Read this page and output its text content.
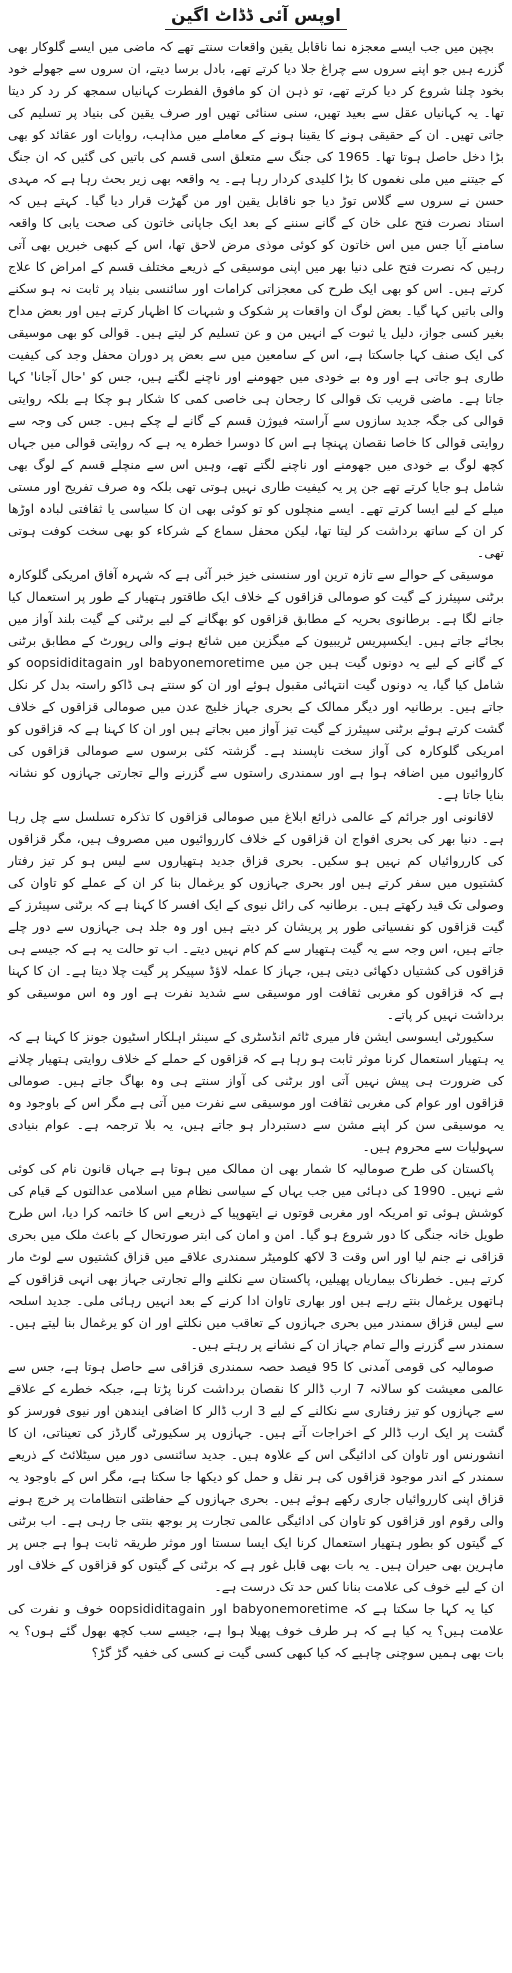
اوپس آئی ڈڈاٹ اگین

بچپن میں جب ایسے معجزہ نما ناقابل یقین واقعات سنتے تھے کہ ماضی میں ایسے گلوکار بھی گزرے ہیں جو اپنے سروں سے چراغ جلا دیا کرتے تھے، بادل برسا دیتے، ان سروں سے جھولے خود بخود چلنا شروع کر دیا کرتے تھے، تو ذہن ان کو مافوق الفطرت کہانیاں سمجھ کر رد کر دیتا تھا۔ یہ کہانیاں عقل سے بعید تھیں، سنی سنائی تھیں اور صرف یقین کی بنیاد پر تسلیم کی جاتی تھیں۔ ان کے حقیقی ہونے کا یقینا ہونے کے معاملے میں مذاہب، روایات اور عقائد کو بھی بڑا دخل حاصل ہوتا تھا۔ 1965 کی جنگ سے متعلق اسی قسم کی باتیں کی گئیں کہ ان جنگ کے جیتنے میں ملی نغموں کا بڑا کلیدی کردار رہا ہے۔ یہ واقعہ بھی زیر بحث رہا ہے کہ مہدی حسن نے سروں سے گلاس توڑ دیا جو ناقابل یقین اور من گھڑت قرار دیا گیا۔ کہتے ہیں کہ استاد نصرت فتح علی خان کے گانے سننے کے بعد ایک جاپانی خاتون کی صحت یابی کا واقعہ سامنے آیا جس میں اس خاتون کو کوئی موذی مرض لاحق تھا، اس کے کبھی خبریں بھی آتی رہیں کہ نصرت فتح علی دنیا بھر میں اپنی موسیقی کے ذریعے مختلف قسم کے امراض کا علاج کرتے ہیں۔ اس کو بھی ایک طرح کی معجزاتی کرامات اور سائنسی بنیاد پر ثابت نہ ہو سکنے والی باتیں کہا گیا۔ بعض لوگ ان واقعات پر شکوک و شبہات کا اظہار کرتے ہیں اور بعض مداح بغیر کسی جواز، دلیل یا ثبوت کے انہیں من و عن تسلیم کر لیتے ہیں۔ قوالی کو بھی موسیقی کی ایک صنف کہا جاسکتا ہے، اس کے سامعین میں سے بعض پر دوران محفل وجد کی کیفیت طاری ہو جاتی ہے اور وہ بے خودی میں جھومنے اور ناچنے لگتے ہیں، جس کو 'حال آجانا' کہا جاتا ہے۔ ماضی قریب تک قوالی کا رجحان ہی خاصی کمی کا شکار ہو چکا ہے بلکہ روایتی قوالی کی جگہ جدید سازوں سے آراستہ فیوژن قسم کے گانے لے چکے ہیں۔ جس کی وجہ سے روایتی قوالی کا خاصا نقصان پہنچا ہے اس کا دوسرا خطرہ یہ ہے کہ روایتی قوالی میں جہاں کچھ لوگ بے خودی میں جھومنے اور ناچنے لگتے تھے، وہیں اس سے منچلے قسم کے لوگ بھی شامل ہو جایا کرتے تھے جن پر یہ کیفیت طاری نہیں ہوتی تھی بلکہ وہ صرف تفریح اور مستی میلے کے لیے ایسا کرتے تھے۔ ایسے منچلوں کو تو کوئی بھی ان کا سیاسی یا ثقافتی لبادہ اوڑھا کر ان کے ساتھ برداشت کر لیتا تھا، لیکن محفل سماع کے شرکاء کو بھی سخت کوفت ہوتی تھی۔

موسیقی کے حوالے سے تازہ ترین اور سنسنی خیز خبر آئی ہے کہ شہرہ آفاق امریکی گلوکارہ برٹنی سپیئرز کے گیت کو صومالی قزاقوں کے خلاف ایک طاقتور ہتھیار کے طور پر استعمال کیا جانے لگا ہے۔ برطانوی بحریہ کے مطابق قزاقوں کو بھگانے کے لیے برٹنی کے گیت بلند آواز میں بجائے جاتے ہیں۔ ایکسپریس ٹریبیون کے میگزین میں شائع ہونے والی رپورٹ کے مطابق برٹنی کے گانے کے لیے یہ دونوں گیت ہیں جن میں babyonemoretime اور oopsididitagain کو شامل کیا گیا، یہ دونوں گیت انتہائی مقبول ہوئے اور ان کو سنتے ہی ڈاکو راستہ بدل کر نکل جاتے ہیں۔ برطانیہ اور دیگر ممالک کے بحری جہاز خلیج عدن میں صومالی قزاقوں کے خلاف گشت کرتے ہوئے برٹنی سپیئرز کے گیت تیز آواز میں بجاتے ہیں اور ان کا کہنا ہے کہ قزاقوں کو امریکی گلوکارہ کی آواز سخت ناپسند ہے۔ گزشتہ کئی برسوں سے صومالی قزاقوں کی کاروائیوں میں اضافہ ہوا ہے اور سمندری راستوں سے گزرنے والے تجارتی جہازوں کو نشانہ بنایا جاتا ہے۔

لاقانونی اور جرائم کے عالمی ذرائع ابلاغ میں صومالی قزاقوں کا تذکرہ تسلسل سے چل رہا ہے۔ دنیا بھر کی بحری افواج ان قزاقوں کے خلاف کارروائیوں میں مصروف ہیں، مگر قزاقوں کی کارروائیاں کم نہیں ہو سکیں۔ بحری قزاق جدید ہتھیاروں سے لیس ہو کر تیز رفتار کشتیوں میں سفر کرتے ہیں اور بحری جہازوں کو یرغمال بنا کر ان کے عملے کو تاوان کی وصولی تک قید رکھتے ہیں۔ برطانیہ کی رائل نیوی کے ایک افسر کا کہنا ہے کہ برٹنی سپیئرز کے گیت قزاقوں کو نفسیاتی طور پر پریشان کر دیتے ہیں اور وہ جلد ہی جہازوں سے دور چلے جاتے ہیں، اس وجہ سے یہ گیت ہتھیار سے کم کام نہیں دیتے۔ اب تو حالت یہ ہے کہ جیسے ہی قزاقوں کی کشتیاں دکھائی دیتی ہیں، جہاز کا عملہ لاؤڈ سپیکر پر گیت چلا دیتا ہے۔ ان کا کہنا ہے کہ قزاقوں کو مغربی ثقافت اور موسیقی سے شدید نفرت ہے اور وہ اس موسیقی کو برداشت نہیں کر پاتے۔

سکیورٹی ایسوسی ایشن فار میری ٹائم انڈسٹری کے سینئر اہلکار اسٹیون جونز کا کہنا ہے کہ یہ ہتھیار استعمال کرنا موثر ثابت ہو رہا ہے کہ قزاقوں کے حملے کے خلاف روایتی ہتھیار چلانے کی ضرورت ہی پیش نہیں آتی اور برٹنی کی آواز سنتے ہی وہ بھاگ جاتے ہیں۔ صومالی قزاقوں اور عوام کی مغربی ثقافت اور موسیقی سے نفرت میں آتی ہے مگر اس کے باوجود وہ یہ موسیقی سن کر اپنے مشن سے دستبردار ہو جاتے ہیں، یہ بلا ترجمہ ہے۔ عوام بنیادی سہولیات سے محروم ہیں۔

پاکستان کی طرح صومالیہ کا شمار بھی ان ممالک میں ہوتا ہے جہاں قانون نام کی کوئی شے نہیں۔ 1990 کی دہائی میں جب یہاں کے سیاسی نظام میں اسلامی عدالتوں کے قیام کی کوشش ہوئی تو امریکہ اور مغربی قوتوں نے ایتھوپیا کے ذریعے اس کا خاتمہ کرا دیا، اس طرح طویل خانہ جنگی کا دور شروع ہو گیا۔ امن و امان کی ابتر صورتحال کے باعث ملک میں بحری قزاقی نے جنم لیا اور اس وقت 3 لاکھ کلومیٹر سمندری علاقے میں قزاق کشتیوں سے لوٹ مار کرتے ہیں۔ خطرناک بیماریاں پھیلیں، پاکستان سے نکلنے والے تجارتی جہاز بھی انہی قزاقوں کے ہاتھوں یرغمال بنتے رہے ہیں اور بھاری تاوان ادا کرنے کے بعد انہیں رہائی ملی۔ جدید اسلحہ سے لیس قزاق سمندر میں بحری جہازوں کے تعاقب میں نکلتے اور ان کو یرغمال بنا لیتے ہیں۔ سمندر سے گزرنے والے تمام جہاز ان کے نشانے پر رہتے ہیں۔

صومالیہ کی قومی آمدنی کا 95 فیصد حصہ سمندری قزاقی سے حاصل ہوتا ہے، جس سے عالمی معیشت کو سالانہ 7 ارب ڈالر کا نقصان برداشت کرنا پڑتا ہے، جبکہ خطرے کے علاقے سے جہازوں کو تیز رفتاری سے نکالنے کے لیے 3 ارب ڈالر کا اضافی ایندھن اور نیوی فورسز کو گشت پر ایک ارب ڈالر کے اخراجات آتے ہیں۔ جہازوں پر سکیورٹی گارڈز کی تعیناتی، ان کا انشورنس اور تاوان کی ادائیگی اس کے علاوہ ہیں۔ جدید سائنسی دور میں سیٹلائٹ کے ذریعے سمندر کے اندر موجود قزاقوں کی ہر نقل و حمل کو دیکھا جا سکتا ہے، مگر اس کے باوجود یہ قزاق اپنی کارروائیاں جاری رکھے ہوئے ہیں۔ بحری جہازوں کے حفاظتی انتظامات پر خرچ ہونے والی رقوم اور قزاقوں کو تاوان کی ادائیگی عالمی تجارت پر بوجھ بنتی جا رہی ہے۔ اب برٹنی کے گیتوں کو بطور ہتھیار استعمال کرنا ایک ایسا سستا اور موثر طریقہ ثابت ہوا ہے جس پر ماہرین بھی حیران ہیں۔ یہ بات بھی قابل غور ہے کہ برٹنی کے گیتوں کو قزاقوں کے خلاف اور ان کے لیے خوف کی علامت بنانا کس حد تک درست ہے۔

کیا یہ کہا جا سکتا ہے کہ babyonemoretime اور oopsididitagain خوف و نفرت کی علامت ہیں؟ یہ کیا ہے کہ ہر طرف خوف پھیلا ہوا ہے، جیسے سب کچھ بھول گئے ہوں؟ یہ بات بھی ہمیں سوچنی چاہیے کہ کیا کبھی کسی گیت نے کسی کی خفیہ گڑ گڑ؟
